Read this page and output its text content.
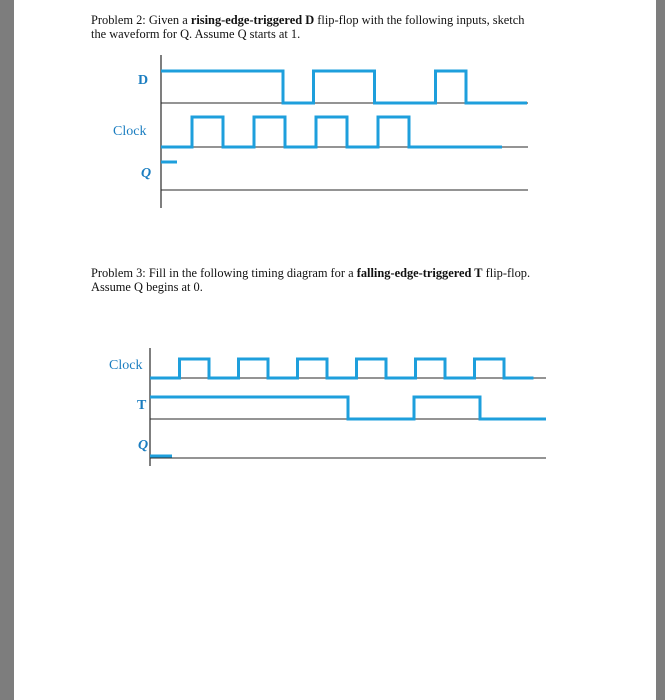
Problem 2: Given a rising-edge-triggered D flip-flop with the following inputs, sketch
the waveform for Q. Assume Q starts at 1.
Problem 3: Fill in the following timing diagram for a falling-edge-triggered T flip-flop.
Assume Q begins at 0.
D
Clock
Q
Clock
T
Q
